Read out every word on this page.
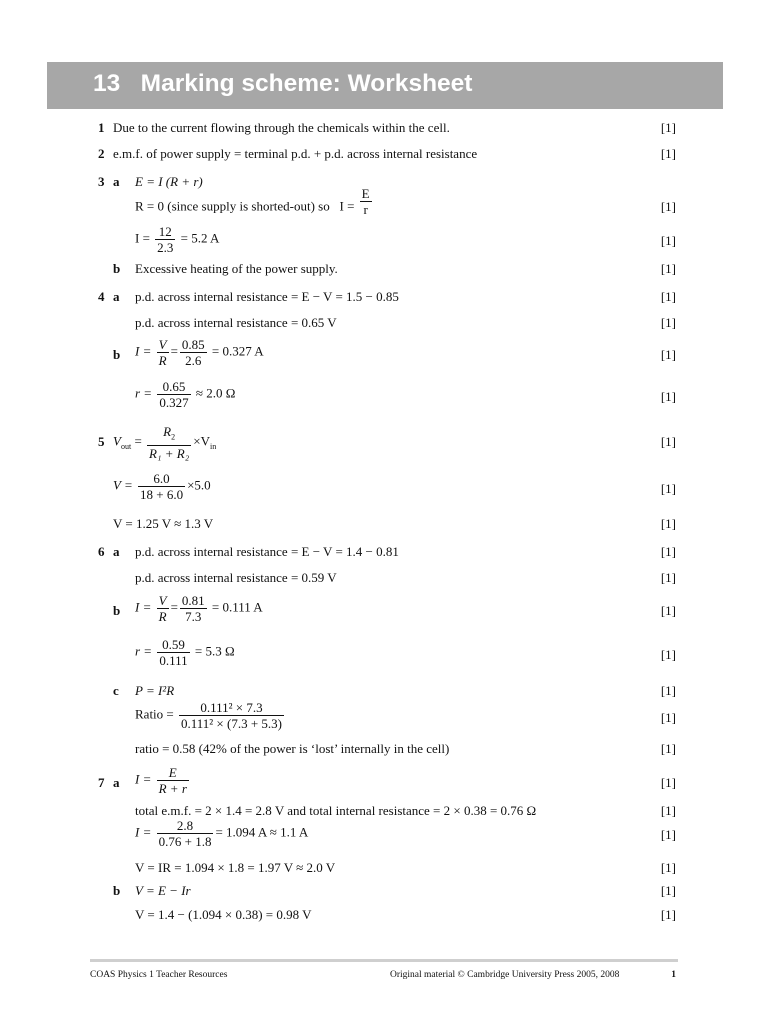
13   Marking scheme: Worksheet
1 Due to the current flowing through the chemicals within the cell.	[1]
2 e.m.f. of power supply = terminal p.d. + p.d. across internal resistance	[1]
3 a E = I (R + r)
R = 0 (since supply is shorted-out) so $I = \frac{E}{r}$	[1]
$I = \frac{12}{2.3} = 5.2$ A	[1]
b Excessive heating of the power supply.	[1]
4 a p.d. across internal resistance = E − V = 1.5 − 0.85	[1]
p.d. across internal resistance = 0.65 V	[1]
b $I = \frac{V}{R} = \frac{0.85}{2.6} = 0.327$ A	[1]
$r = \frac{0.65}{0.327} \approx 2.0$ Ω	[1]
5 $V_{out} = \frac{R_2}{\text{R₁ + R₂}} \times V_{in}$	[1]
$V = \frac{6.0}{18 + 6.0} \times 5.0$	[1]
V = 1.25 V ≈ 1.3 V	[1]
6 a p.d. across internal resistance = E − V = 1.4 − 0.81	[1]
p.d. across internal resistance = 0.59 V	[1]
b $I = \frac{V}{R} = \frac{0.81}{7.3} = 0.111$ A	[1]
$r = \frac{0.59}{0.111} = 5.3$ Ω	[1]
c P = I²R	[1]
Ratio = $\frac{\text{0.111² × 7.3}}{\text{0.111² × (7.3 + 5.3)}}$	[1]
ratio = 0.58 (42% of the power is ‘lost’ internally in the cell)	[1]
7 a $I = \frac{E}{R + r}$	[1]
total e.m.f. = 2 × 1.4 = 2.8 V and total internal resistance = 2 × 0.38 = 0.76 Ω	[1]
$I = \frac{2.8}{0.76 + 1.8} = 1.094$ A ≈ 1.1 A	[1]
V = IR = 1.094 × 1.8 = 1.97 V ≈ 2.0 V	[1]
b V = E − Ir	[1]
V = 1.4 − (1.094 × 0.38) = 0.98 V	[1]
COAS Physics 1 Teacher Resources	Original material © Cambridge University Press 2005, 2008	1
